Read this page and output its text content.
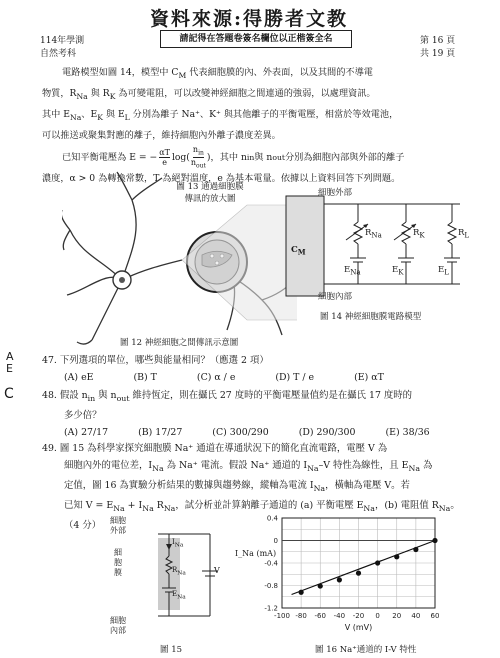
資料來源:得勝者文教
114年學測
自然考科
請記得在答題卷簽名欄位以正楷簽全名	第 16 頁
共 19 頁
電路模型如圖 14，模型中 $C_M$ 代表細胞膜的內、外表面，以及其間的不導電
物質，$R_{Na}$ 與 $R_K$ 為可變電阻，可以改變神經細胞之間連通的強弱，以處理資訊。
其中 $E_{Na}$、$E_K$ 與 $E_L$ 分別為離子 Na⁺、K⁺ 與其他離子的平衡電壓，相當於等效電池，
可以推送或聚集對應的離子，維持細胞內外離子濃度差異。
已知平衡電壓為 E = − $\frac{\alpha T}{e} \log$(
$n_{in}$
$n_{out}$
)，其中 n in 與 n out 分別為細胞內部與外部的離子
濃度，α > 0 為轉換常數，T 為絕對溫度，e 為基本電量。依據以上資料回答下列問題。
圖 13 通過細胞膜
傳訊的放大圖
圖 12 神經細胞之間傳訊示意圖
細胞外部
細胞內部
$C_M$
$R_{Na}$	$R_K$	$R_L$
$E_{Na}$	$E_K$	$E_L$
圖 14 神經細胞膜電路模型
A
E
C
47. 下列選項的單位，哪些與能量相同？（應選 2 項）
(A) eE	(B) T	(C) α / e	(D) T / e	(E) αT
48. 假設 $n_{in}$ 與 $n_{out}$ 維持恆定，則在攝氏 27 度時的平衡電壓量值約是在攝氏 17 度時的
多少倍？
(A) 27/17	(B) 17/27	(C) 300/290	(D) 290/300	(E) 38/36
49. 圖 15 為科學家探究細胞膜 Na⁺ 通道在導通狀況下的簡化直流電路，電壓 V 為
細胞內外的電位差，$I_{Na}$ 為 Na⁺ 電流。假設 Na⁺ 通道的 $I_{Na}-V$ 特性為線性，且 $E_{Na}$ 為
定值，圖 16 為實驗分析結果的數據與趨勢線，縱軸為電流 $I_{Na}$，橫軸為電壓 V。若
已知 $V = E_{Na} + I_{Na}$ $R_{Na}$，試分析並計算鈉離子通道的 (a) 平衡電壓 $E_{Na}$，(b) 電阻值 $R_{Na}$。
（4 分）	細胞
外部
細
胞
膜
細胞
內部
$I_{Na}$
$R_{Na}$
$E_{Na}$
V
圖 15
-100 -80 -60 -40 -20 0 20 40 60
0.4
0
-0.4
-0.8
-1.2
V (mV)
I_Na (mA)
圖 16 Na⁺通道的 I-V 特性
